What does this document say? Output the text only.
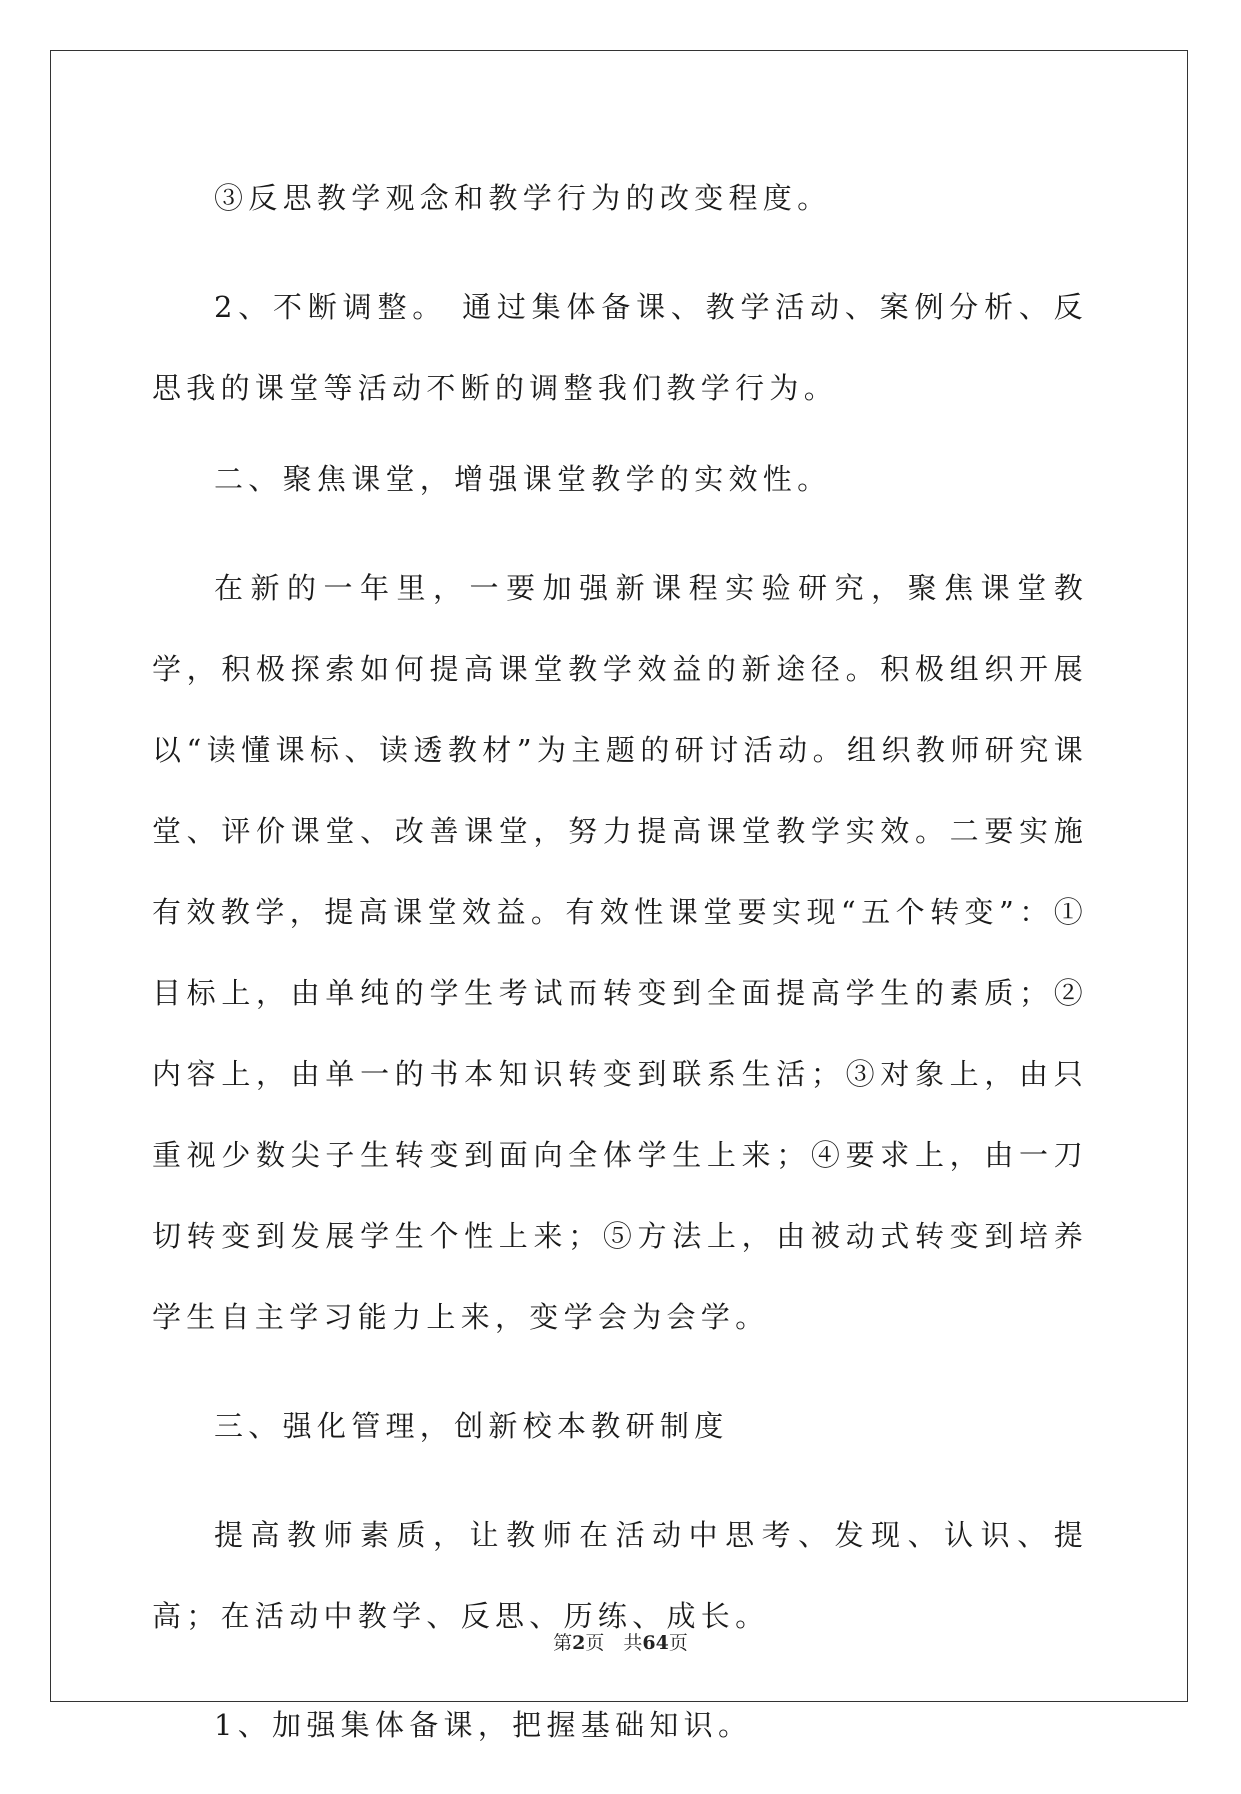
③反思教学观念和教学行为的改变程度。

2、不断调整。 通过集体备课、教学活动、案例分析、反思我的课堂等活动不断的调整我们教学行为。

二、聚焦课堂，增强课堂教学的实效性。

在新的一年里，一要加强新课程实验研究，聚焦课堂教学，积极探索如何提高课堂教学效益的新途径。积极组织开展以“读懂课标、读透教材”为主题的研讨活动。组织教师研究课堂、评价课堂、改善课堂，努力提高课堂教学实效。二要实施有效教学，提高课堂效益。有效性课堂要实现“五个转变”：①目标上，由单纯的学生考试而转变到全面提高学生的素质；②内容上，由单一的书本知识转变到联系生活；③对象上，由只重视少数尖子生转变到面向全体学生上来；④要求上，由一刀切转变到发展学生个性上来；⑤方法上，由被动式转变到培养学生自主学习能力上来，变学会为会学。

三、强化管理，创新校本教研制度

提高教师素质，让教师在活动中思考、发现、认识、提高；在活动中教学、反思、历练、成长。

1、加强集体备课，把握基础知识。

第2页　共64页
